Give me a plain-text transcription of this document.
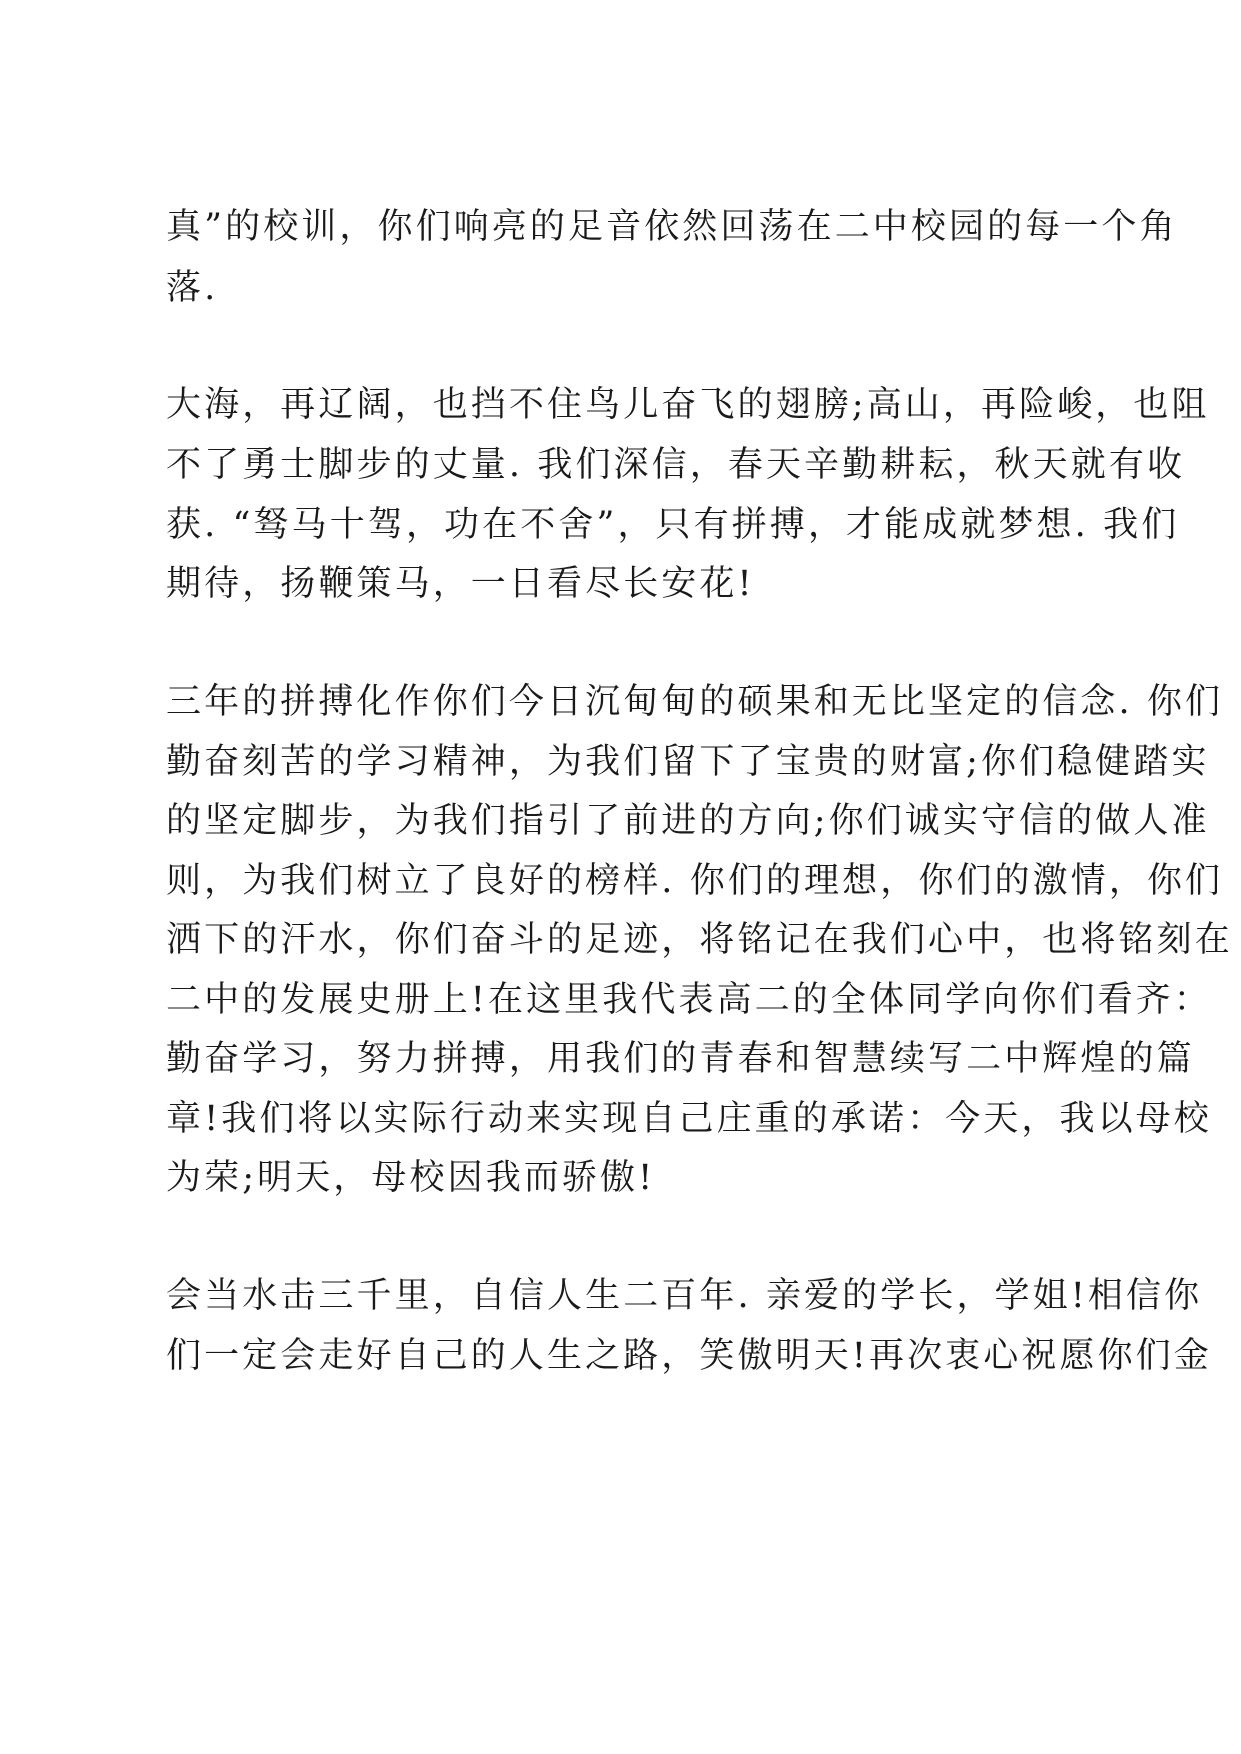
真”的校训，你们响亮的足音依然回荡在二中校园的每一个角
落.
大海，再辽阔，也挡不住鸟儿奋飞的翅膀;高山，再险峻，也阻
不了勇士脚步的丈量. 我们深信，春天辛勤耕耘，秋天就有收
获. “驽马十驾，功在不舍”，只有拼搏，才能成就梦想. 我们
期待，扬鞭策马，一日看尽长安花!
三年的拼搏化作你们今日沉甸甸的硕果和无比坚定的信念. 你们
勤奋刻苦的学习精神，为我们留下了宝贵的财富;你们稳健踏实
的坚定脚步，为我们指引了前进的方向;你们诚实守信的做人准
则，为我们树立了良好的榜样. 你们的理想，你们的激情，你们
洒下的汗水，你们奋斗的足迹，将铭记在我们心中，也将铭刻在
二中的发展史册上!在这里我代表高二的全体同学向你们看齐：
勤奋学习，努力拼搏，用我们的青春和智慧续写二中辉煌的篇
章!我们将以实际行动来实现自己庄重的承诺：今天，我以母校
为荣;明天，母校因我而骄傲!
会当水击三千里，自信人生二百年. 亲爱的学长，学姐!相信你
们一定会走好自己的人生之路，笑傲明天!再次衷心祝愿你们金
